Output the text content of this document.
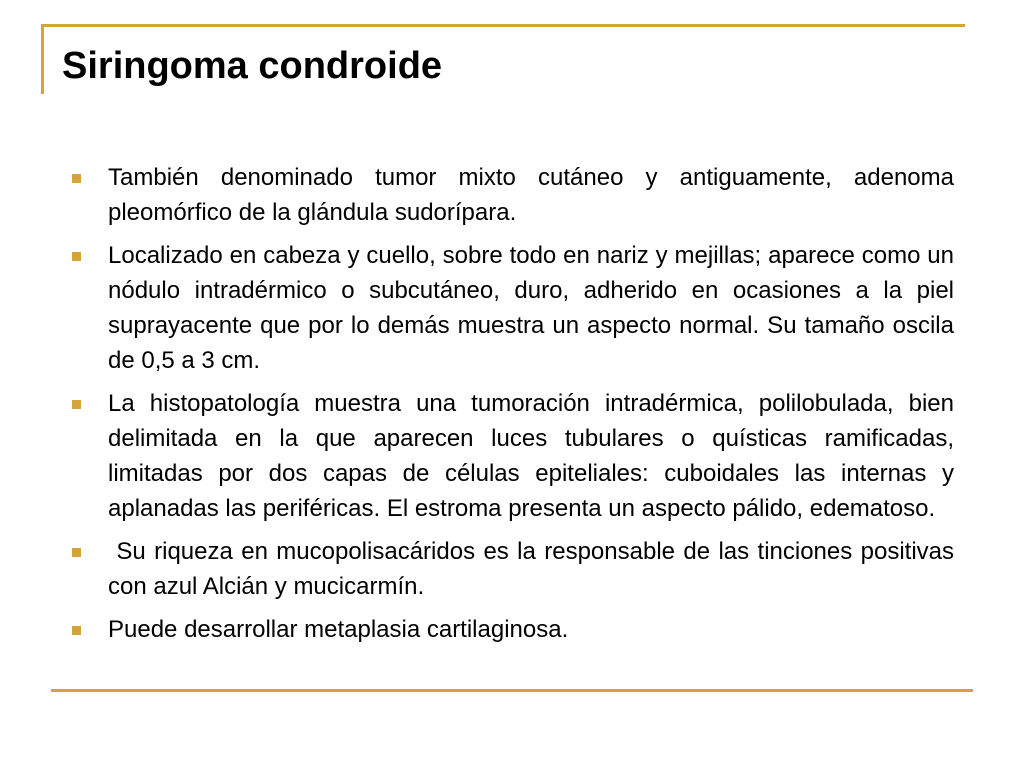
Siringoma condroide
También denominado tumor mixto cutáneo y antiguamente, adenoma pleomórfico de la glándula sudorípara.
Localizado en cabeza y cuello, sobre todo en nariz y mejillas; aparece como un nódulo intradérmico o subcutáneo, duro, adherido en ocasiones a la piel suprayacente que por lo demás muestra un aspecto normal. Su tamaño oscila de 0,5 a 3 cm.
La histopatología muestra una tumoración intradérmica, polilobulada, bien delimitada en la que aparecen luces tubulares o quísticas ramificadas, limitadas por dos capas de células epiteliales: cuboidales las internas y aplanadas las periféricas. El estroma presenta un aspecto pálido, edematoso.
Su riqueza en mucopolisacáridos es la responsable de las tinciones positivas con azul Alcián y mucicarmín.
Puede desarrollar metaplasia cartilaginosa.
